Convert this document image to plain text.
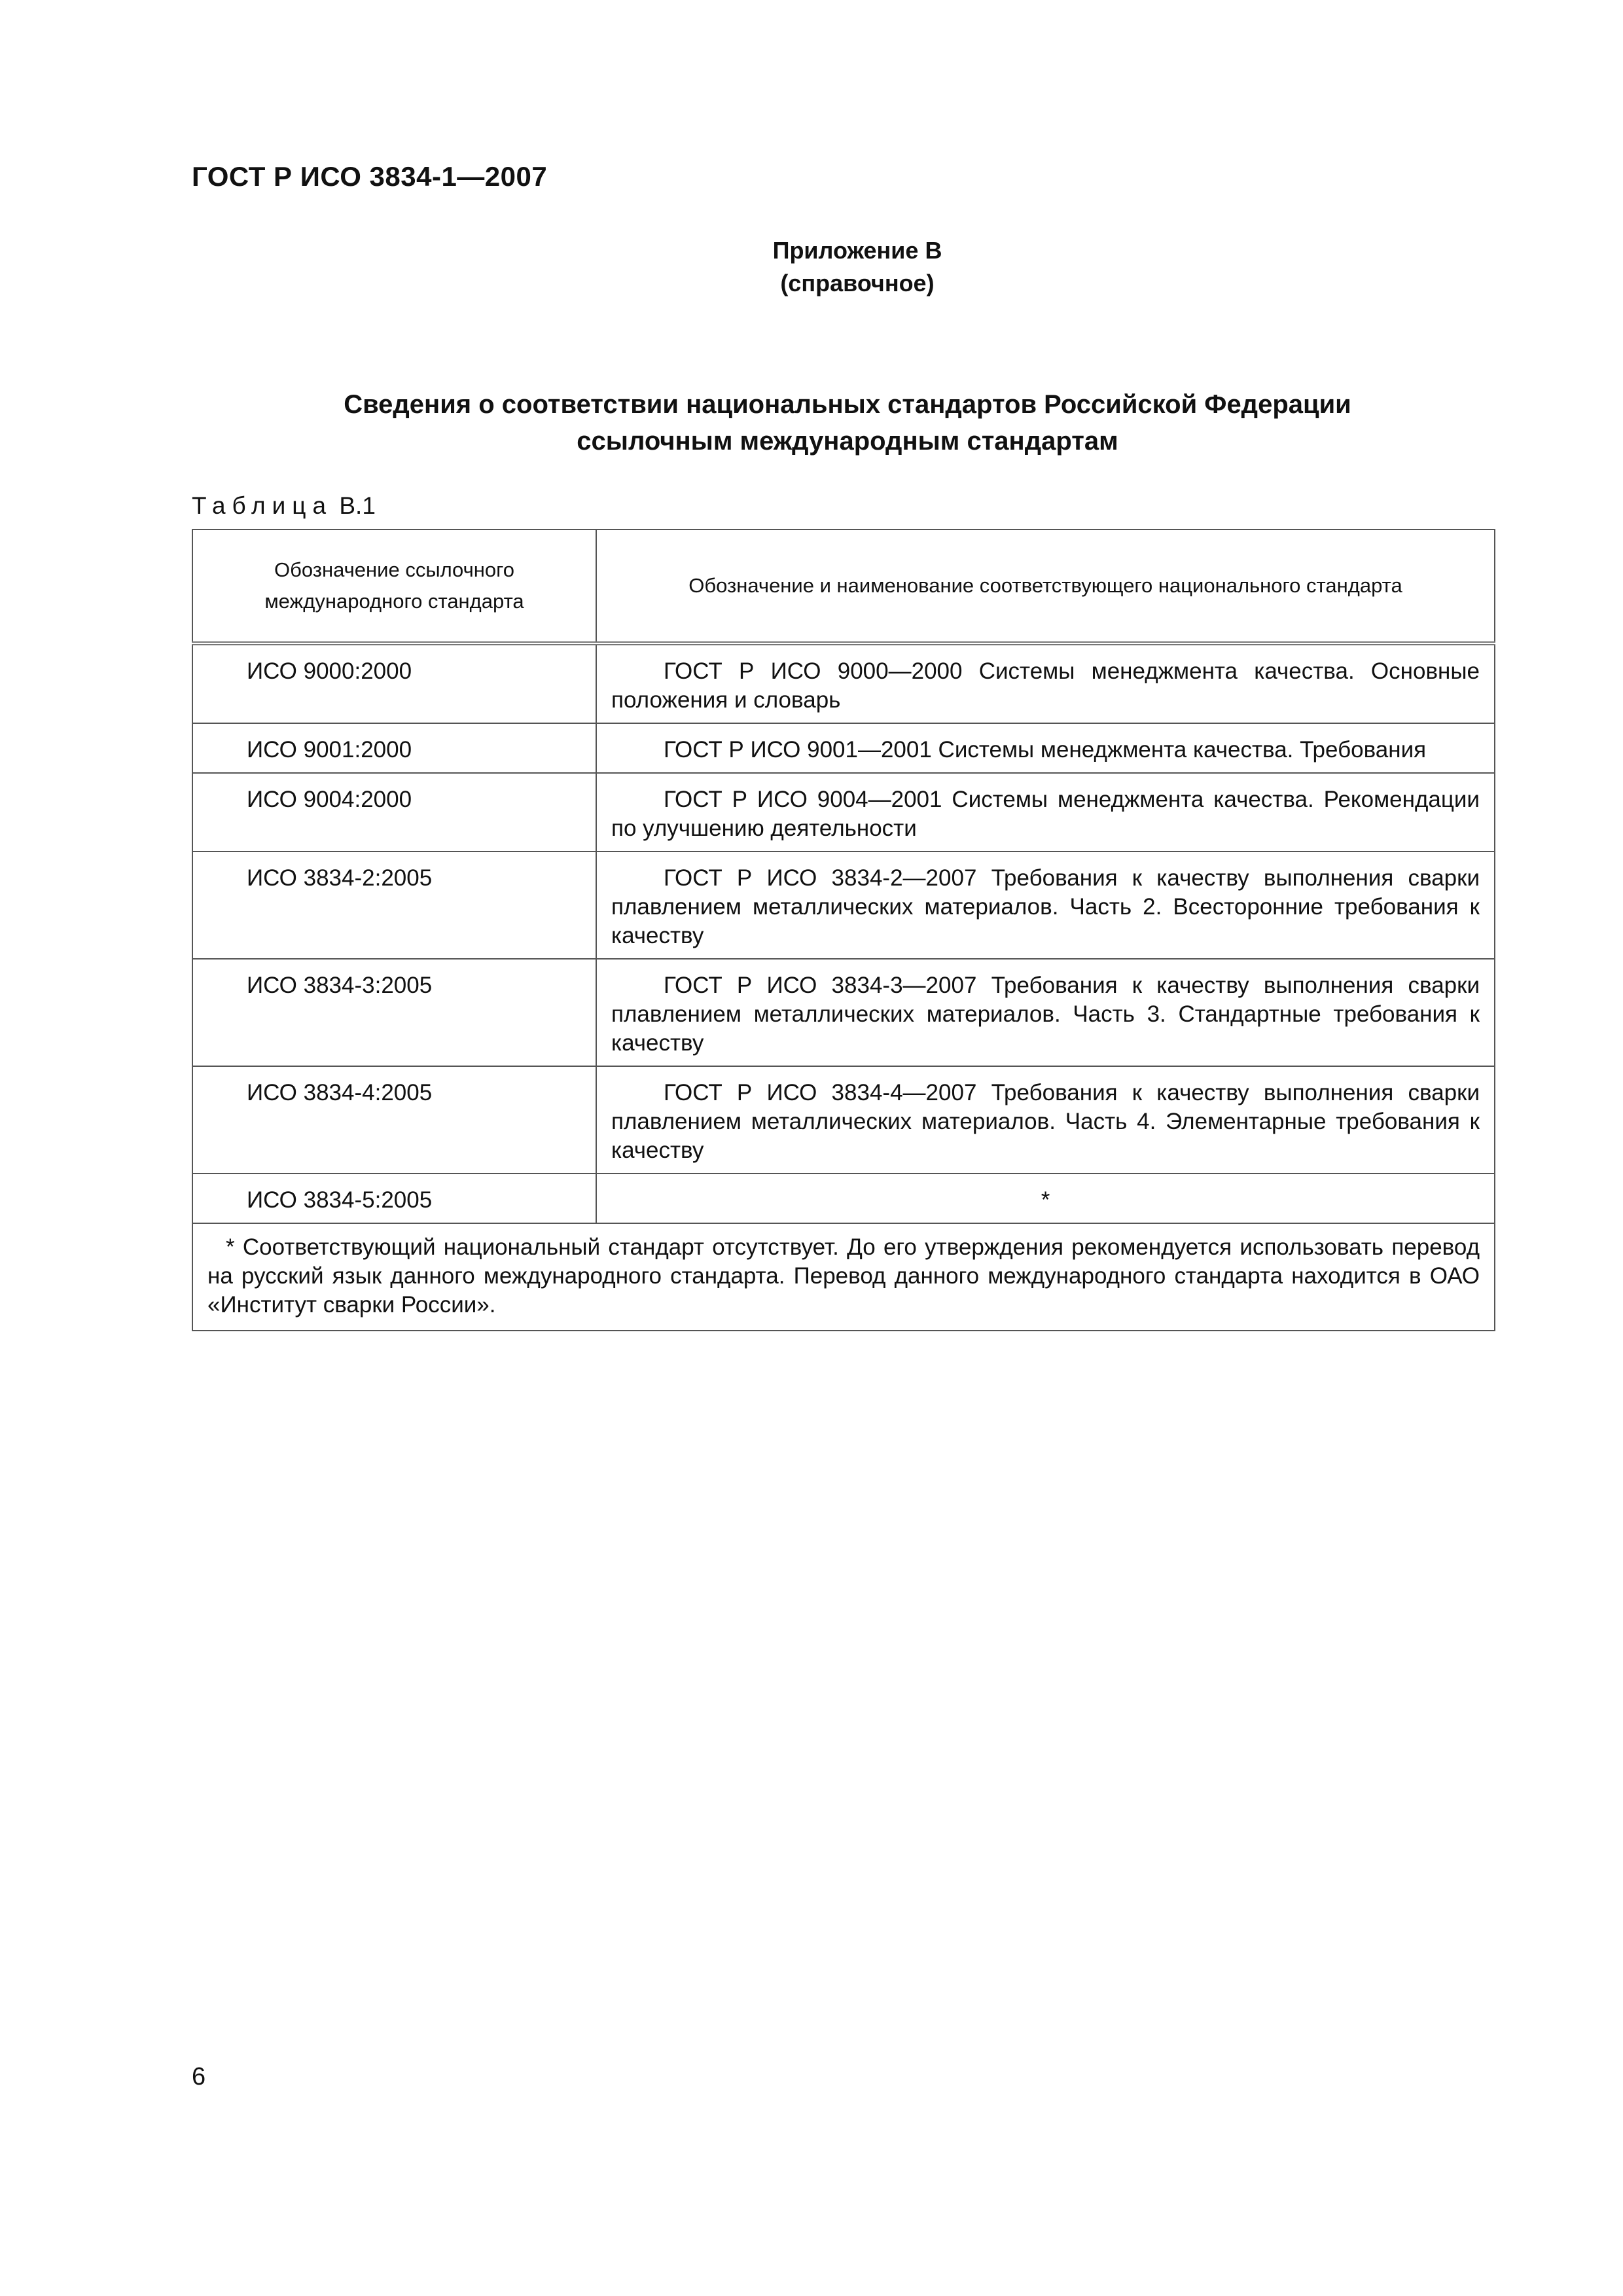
ГОСТ Р ИСО 3834-1—2007
Приложение В
(справочное)
Сведения о соответствии национальных стандартов Российской Федерации
ссылочным международным стандартам
Таблица В.1
Обозначение ссылочного международного стандарта	Обозначение и наименование соответствующего национального стандарта
ИСО 9000:2000	ГОСТ Р ИСО 9000—2000 Системы менеджмента качества. Основные положения и словарь
ИСО 9001:2000	ГОСТ Р ИСО 9001—2001 Системы менеджмента качества. Требования
ИСО 9004:2000	ГОСТ Р ИСО 9004—2001 Системы менеджмента качества. Рекомендации по улучшению деятельности
ИСО 3834-2:2005	ГОСТ Р ИСО 3834-2—2007 Требования к качеству выполнения сварки плавлением металлических материалов. Часть 2. Всесторонние требования к качеству
ИСО 3834-3:2005	ГОСТ Р ИСО 3834-3—2007 Требования к качеству выполнения сварки плавлением металлических материалов. Часть 3. Стандартные требования к качеству
ИСО 3834-4:2005	ГОСТ Р ИСО 3834-4—2007 Требования к качеству выполнения сварки плавлением металлических материалов. Часть 4. Элементарные требования к качеству
ИСО 3834-5:2005	*
* Соответствующий национальный стандарт отсутствует. До его утверждения рекомендуется использовать перевод на русский язык данного международного стандарта. Перевод данного международного стандарта находится в ОАО «Институт сварки России».	
6
